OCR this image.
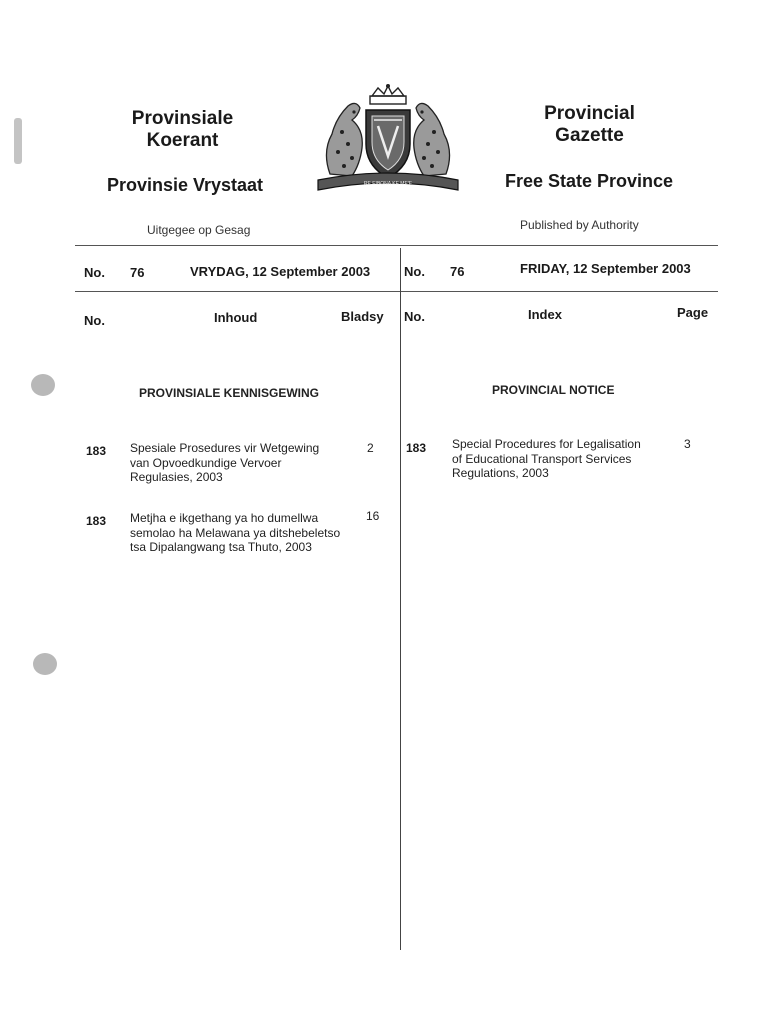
Provinsiale
Koerant
Provinsie Vrystaat
Uitgegee op Gesag
Provincial
Gazette
Free State Province
Published by Authority
RE EIBONA KE ME'E
No. 76	VRYDAG, 12 September 2003	No. 76	FRIDAY, 12 September 2003
No.	Inhoud	Bladsy No.	Index	Page
PROVINSIALE KENNISGEWING	PROVINCIAL NOTICE
183 Spesiale Prosedures vir Wetgewing
van Opvoedkundige Vervoer
Regulasies, 2003
2
183 Metjha e ikgethang ya ho dumellwa
semolao ha Melawana ya ditshebeletso
tsa Dipalangwang tsa Thuto, 2003
16
183 Special Procedures for Legalisation
of Educational Transport Services
Regulations, 2003
3
